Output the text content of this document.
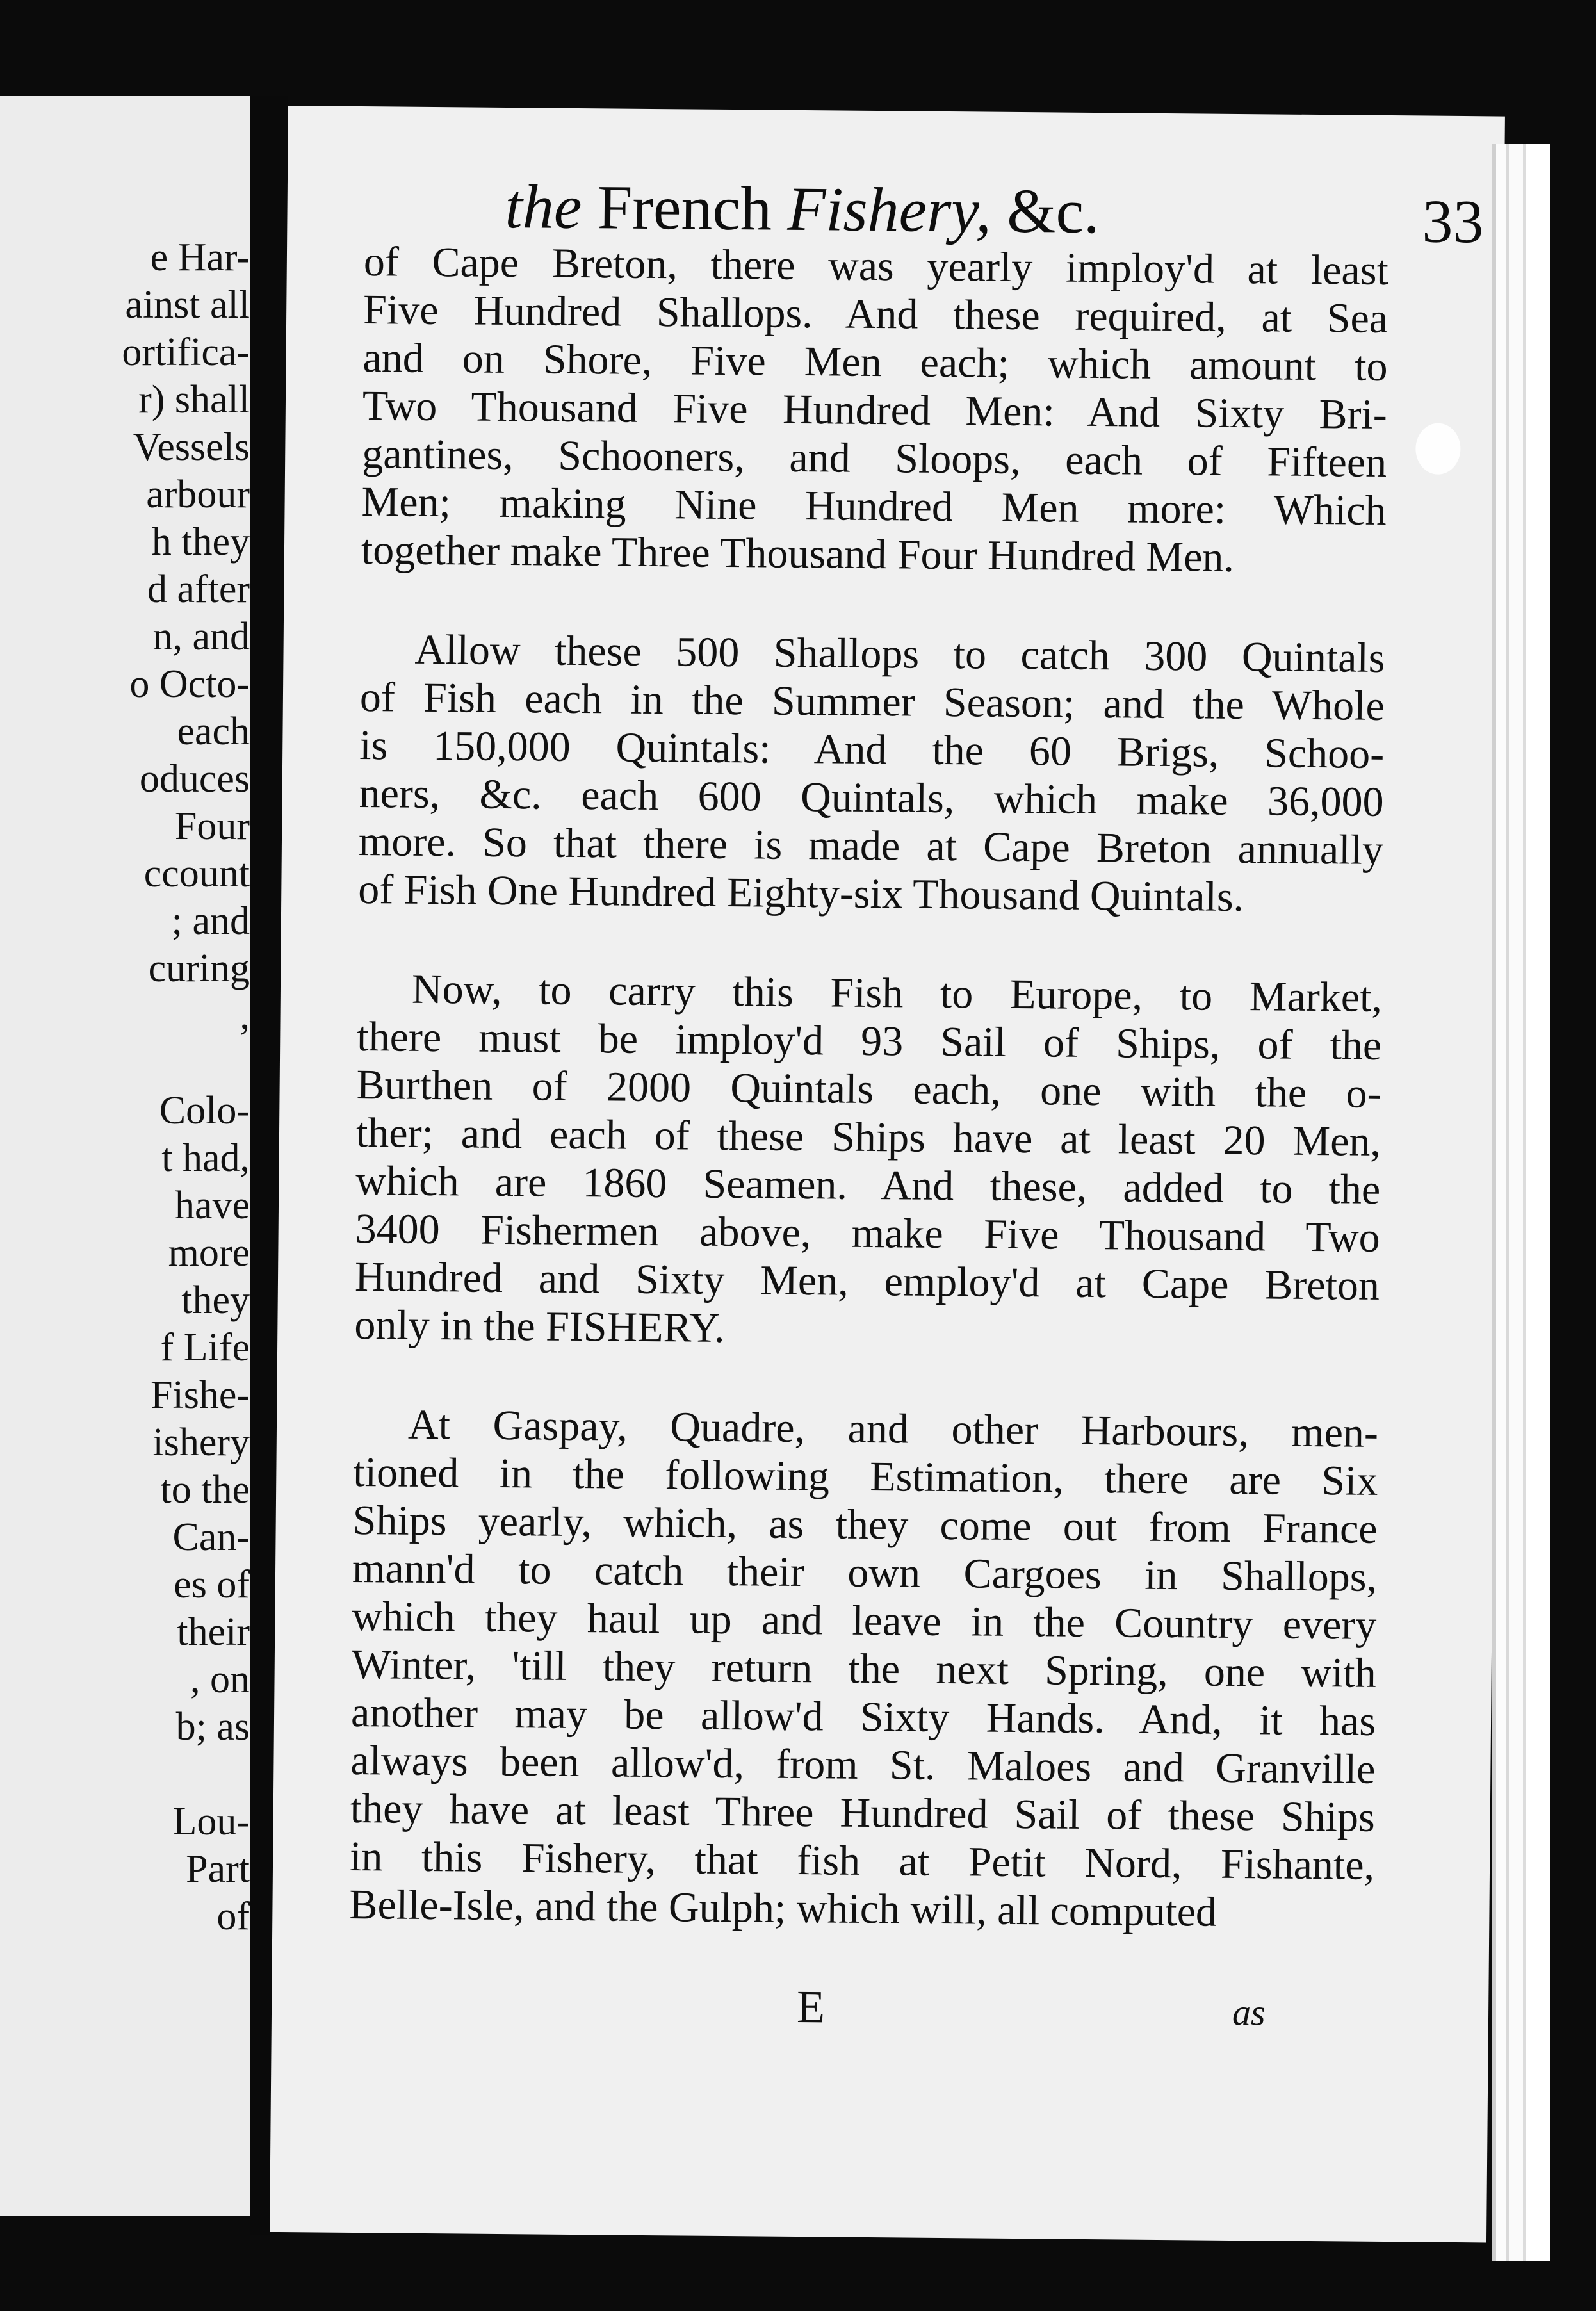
e Har-
ainst all
ortifica-
r) shall
Vessels
arbour
h they
d after
n, and
o Octo-
each
oduces
Four
ccount
; and
curing
,
Colo-
t had,
have
more
they
f Life
Fishe-
ishery
to the
Can-
es of
their
, on
b; as
Lou-
Part
of
the French Fishery, &c.	33
of Cape Breton, there was yearly imploy'd at least
Five Hundred Shallops. And these required, at Sea
and on Shore, Five Men each; which amount to
Two Thousand Five Hundred Men: And Sixty Bri-
gantines, Schooners, and Sloops, each of Fifteen
Men; making Nine Hundred Men more: Which
together make Three Thousand Four Hundred Men.
Allow these 500 Shallops to catch 300 Quintals
of Fish each in the Summer Season; and the Whole
is 150,000 Quintals: And the 60 Brigs, Schoo-
ners, &c. each 600 Quintals, which make 36,000
more. So that there is made at Cape Breton annually
of Fish One Hundred Eighty-six Thousand Quintals.
Now, to carry this Fish to Europe, to Market,
there must be imploy'd 93 Sail of Ships, of the
Burthen of 2000 Quintals each, one with the o-
ther; and each of these Ships have at least 20 Men,
which are 1860 Seamen. And these, added to the
3400 Fishermen above, make Five Thousand Two
Hundred and Sixty Men, employ'd at Cape Breton
only in the FISHERY.
At Gaspay, Quadre, and other Harbours, men-
tioned in the following Estimation, there are Six
Ships yearly, which, as they come out from France
mann'd to catch their own Cargoes in Shallops,
which they haul up and leave in the Country every
Winter, 'till they return the next Spring, one with
another may be allow'd Sixty Hands. And, it has
always been allow'd, from St. Maloes and Granville
they have at least Three Hundred Sail of these Ships
in this Fishery, that fish at Petit Nord, Fishante,
Belle-Isle, and the Gulph; which will, all computed
E	as
